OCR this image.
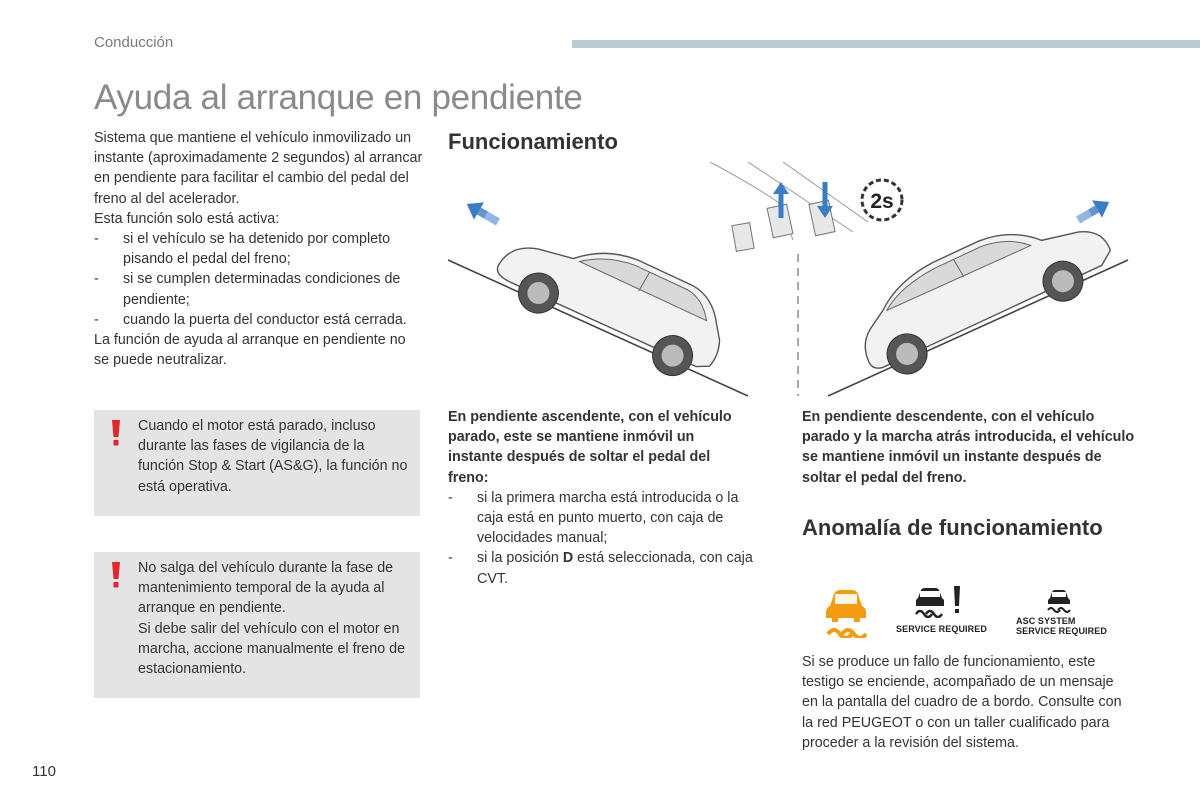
Conducción
Ayuda al arranque en pendiente
Sistema que mantiene el vehículo inmovilizado un instante (aproximadamente 2 segundos) al arrancar en pendiente para facilitar el cambio del pedal del freno al del acelerador.
Esta función solo está activa:
- si el vehículo se ha detenido por completo pisando el pedal del freno;
- si se cumplen determinadas condiciones de pendiente;
- cuando la puerta del conductor está cerrada.
La función de ayuda al arranque en pendiente no se puede neutralizar.
Cuando el motor está parado, incluso durante las fases de vigilancia de la función Stop & Start (AS&G), la función no está operativa.
No salga del vehículo durante la fase de mantenimiento temporal de la ayuda al arranque en pendiente.
Si debe salir del vehículo con el motor en marcha, accione manualmente el freno de estacionamiento.
Funcionamiento
2s
En pendiente ascendente, con el vehículo parado, este se mantiene inmóvil un instante después de soltar el pedal del freno:
- si la primera marcha está introducida o la caja está en punto muerto, con caja de velocidades manual;
- si la posición D está seleccionada, con caja CVT.
En pendiente descendente, con el vehículo parado y la marcha atrás introducida, el vehículo se mantiene inmóvil un instante después de soltar el pedal del freno.
Anomalía de funcionamiento
SERVICE REQUIRED
ASC SYSTEM
SERVICE REQUIRED
Si se produce un fallo de funcionamiento, este testigo se enciende, acompañado de un mensaje en la pantalla del cuadro de a bordo. Consulte con la red PEUGEOT o con un taller cualificado para proceder a la revisión del sistema.
110
